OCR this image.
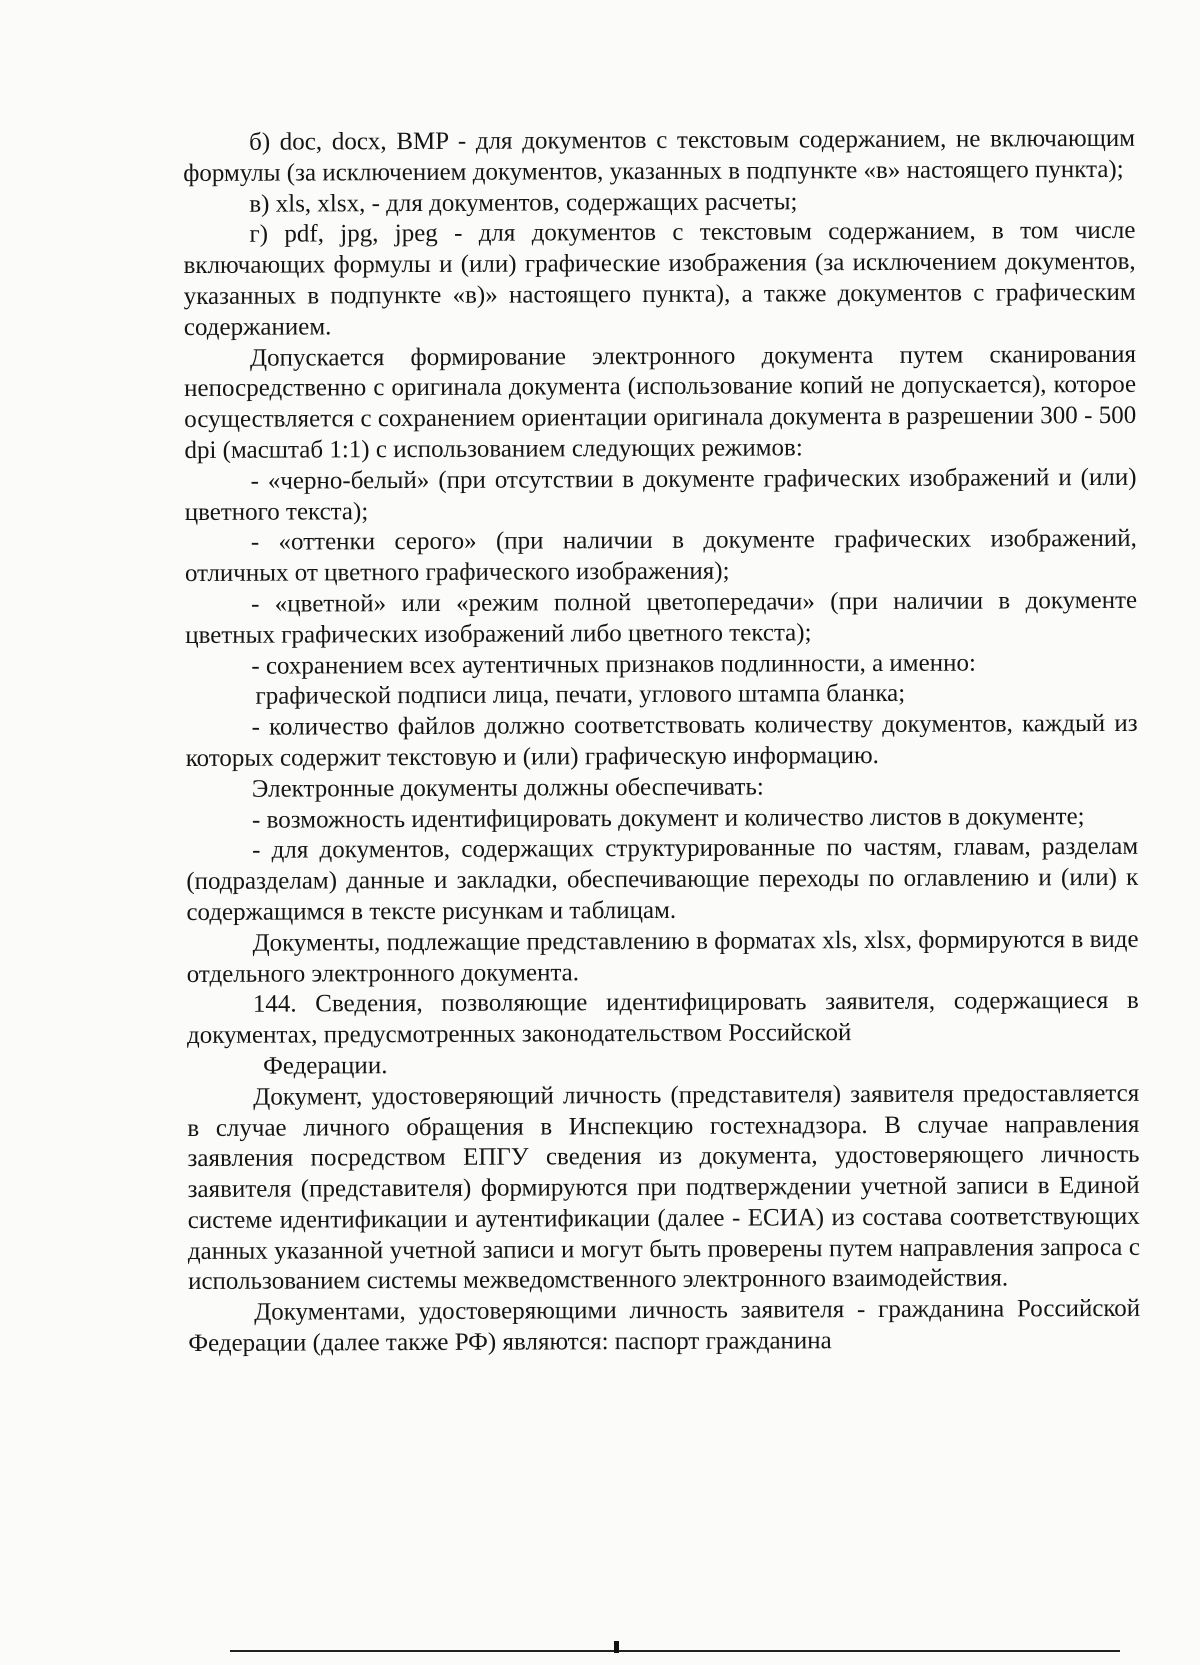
б) doc, docx, BMP - для документов с текстовым содержанием, не включающим формулы (за исключением документов, указанных в подпункте «в» настоящего пункта);

в) xls, xlsx, - для документов, содержащих расчеты;

г) pdf, jpg, jpeg - для документов с текстовым содержанием, в том числе включающих формулы и (или) графические изображения (за исключением документов, указанных в подпункте «в)» настоящего пункта), а также документов с графическим содержанием.

Допускается формирование электронного документа путем сканирования непосредственно с оригинала документа (использование копий не допускается), которое осуществляется с сохранением ориентации оригинала документа в разрешении 300 - 500 dpi (масштаб 1:1) с использованием следующих режимов:

- «черно-белый» (при отсутствии в документе графических изображений и (или) цветного текста);

- «оттенки серого» (при наличии в документе графических изображений, отличных от цветного графического изображения);

- «цветной» или «режим полной цветопередачи» (при наличии в документе цветных графических изображений либо цветного текста);

- сохранением всех аутентичных признаков подлинности, а именно:

графической подписи лица, печати, углового штампа бланка;

- количество файлов должно соответствовать количеству документов, каждый из которых содержит текстовую и (или) графическую информацию.

Электронные документы должны обеспечивать:

- возможность идентифицировать документ и количество листов в документе;

- для документов, содержащих структурированные по частям, главам, разделам (подразделам) данные и закладки, обеспечивающие переходы по оглавлению и (или) к содержащимся в тексте рисункам и таблицам.

Документы, подлежащие представлению в форматах xls, xlsx, формируются в виде отдельного электронного документа.

144. Сведения, позволяющие идентифицировать заявителя, содержащиеся в документах, предусмотренных законодательством Российской

Федерации.

Документ, удостоверяющий личность (представителя) заявителя предоставляется в случае личного обращения в Инспекцию гостехнадзора. В случае направления заявления посредством ЕПГУ сведения из документа, удостоверяющего личность заявителя (представителя) формируются при подтверждении учетной записи в Единой системе идентификации и аутентификации (далее - ЕСИА) из состава соответствующих данных указанной учетной записи и могут быть проверены путем направления запроса с использованием системы межведомственного электронного взаимодействия.

Документами, удостоверяющими личность заявителя - гражданина Российской Федерации (далее также РФ) являются: паспорт гражданина
